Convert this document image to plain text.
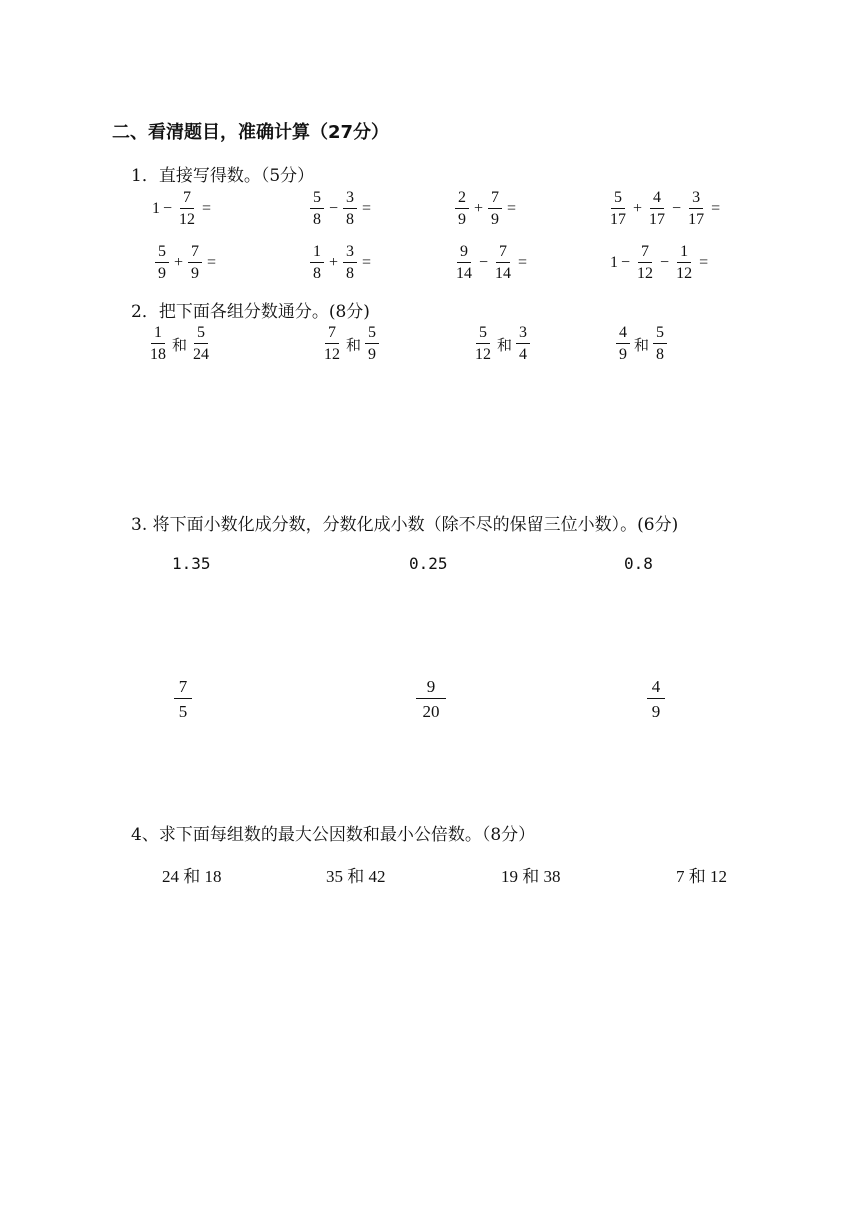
二、看清题目，准确计算（27分）
1．直接写得数。（5分）
$1 - \frac{7}{12}$ =	$\frac{5}{8} - \frac{3}{8}$ =	$\frac{2}{9} + \frac{7}{9}$ =	$\frac{5}{17} + \frac{4}{17} - \frac{3}{17}$ =
$\frac{5}{9} + \frac{7}{9}$ =	$\frac{1}{8} + \frac{3}{8}$ =	$\frac{9}{14} - \frac{7}{14}$ =	$1 - \frac{7}{12} - \frac{1}{12}$ =
2．把下面各组分数通分。(8分)
$\frac{1}{18}$ 和 $\frac{5}{24}$	$\frac{7}{12}$ 和 $\frac{5}{9}$	$\frac{5}{12}$ 和 $\frac{3}{4}$	$\frac{4}{9}$ 和 $\frac{5}{8}$
3. 将下面小数化成分数，分数化成小数（除不尽的保留三位小数）。(6分)
1.35	0.25	0.8
$\frac{7}{5}$	$\frac{9}{20}$	$\frac{4}{9}$
4、求下面每组数的最大公因数和最小公倍数。（8分）
24 和 18	35 和 42	19 和 38	7 和 12
